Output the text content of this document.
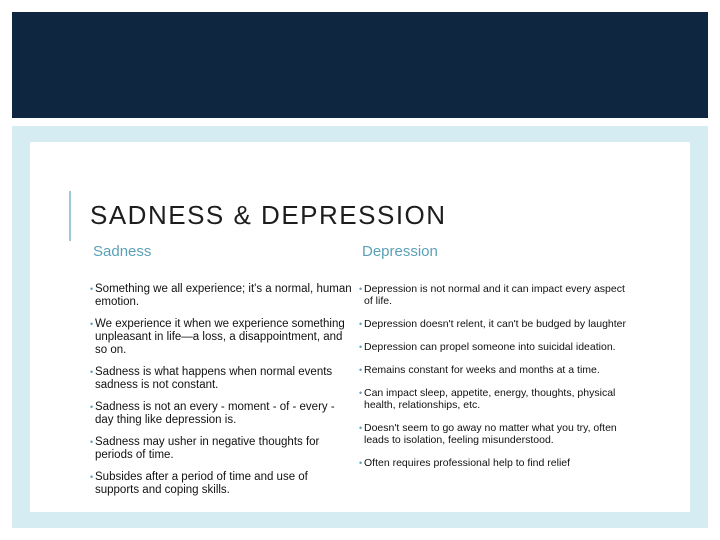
SADNESS & DEPRESSION
Sadness	Depression
• Something we all experience; it's a normal, human emotion.
• We experience it when we experience something unpleasant in life—a loss, a disappointment, and so on.
• Sadness is what happens when normal events sadness is not constant.
• Sadness is not an every - moment - of - every - day thing like depression is.
• Sadness may usher in negative thoughts for periods of time.
• Subsides after a period of time and use of supports and coping skills.
• Depression is not normal and it can impact every aspect of life.
• Depression doesn't relent, it can't be budged by laughter
• Depression can propel someone into suicidal ideation.
• Remains constant for weeks and months at a time.
• Can impact sleep, appetite, energy, thoughts, physical health, relationships, etc.
• Doesn't seem to go away no matter what you try, often leads to isolation, feeling misunderstood.
• Often requires professional help to find relief
